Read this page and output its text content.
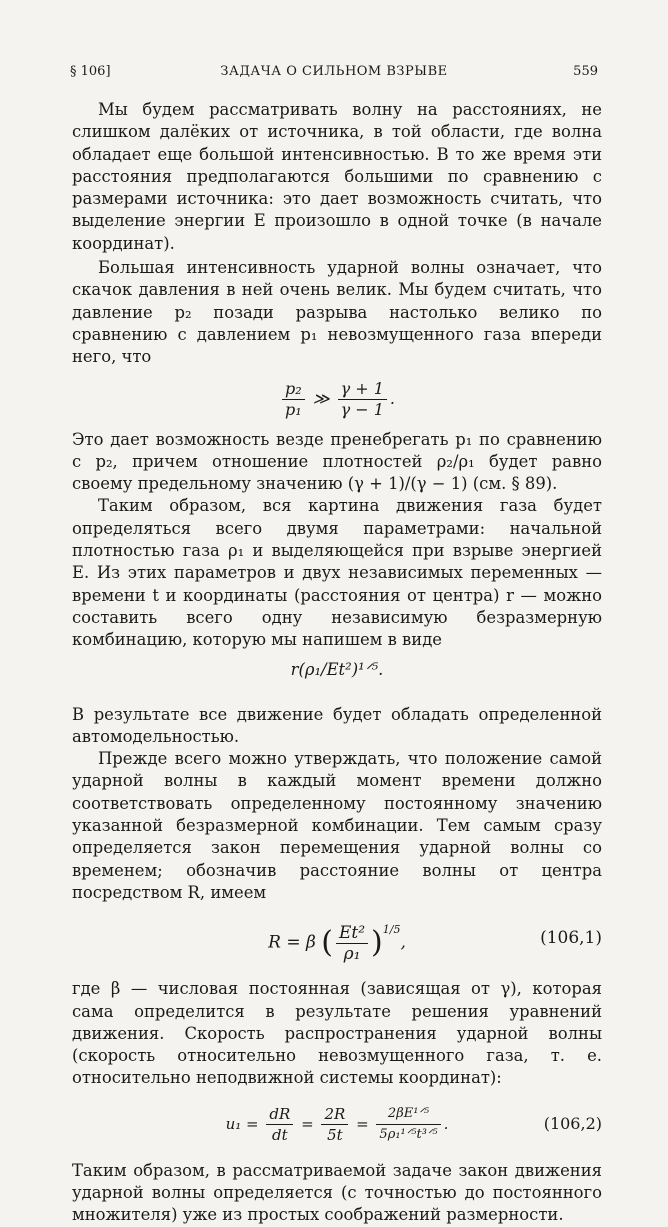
§ 106]	ЗАДАЧА О СИЛЬНОМ ВЗРЫВЕ	559

Мы будем рассматривать волну на расстояниях, не слишком далёких от источника, в той области, где волна обладает еще большой интенсивностью. В то же время эти расстояния предполагаются большими по сравнению с размерами источника: это дает возможность считать, что выделение энергии E произошло в одной точке (в начале координат).

Большая интенсивность ударной волны означает, что скачок давления в ней очень велик. Мы будем считать, что давление p₂ позади разрыва настолько велико по сравнению с давлением p₁ невозмущенного газа впереди него, что

$\frac{\text{p₂}}{\text{p₁}}$ ≫ $\frac{\gamma + 1}{\gamma - 1}$ .

Это дает возможность везде пренебрегать p₁ по сравнению с p₂, причем отношение плотностей ρ₂/ρ₁ будет равно своему предельному значению (γ + 1)/(γ − 1) (см. § 89).

Таким образом, вся картина движения газа будет определяться всего двумя параметрами: начальной плотностью газа ρ₁ и выделяющейся при взрыве энергией E. Из этих параметров и двух независимых переменных — времени t и координаты (расстояния от центра) r — можно составить всего одну независимую безразмерную комбинацию, которую мы напишем в виде

r(ρ₁/Et²)¹ᐟ⁵.

В результате все движение будет обладать определенной автомодельностью.

Прежде всего можно утверждать, что положение самой ударной волны в каждый момент времени должно соответствовать определенному постоянному значению указанной безразмерной комбинации. Тем самым сразу определяется закон перемещения ударной волны со временем; обозначив расстояние волны от центра посредством R, имеем

R = β ( $\frac{\text{Et²}}{\text{ρ₁}} )^{1/5}$,	(106,1)

где β — числовая постоянная (зависящая от γ), которая сама определится в результате решения уравнений движения. Скорость распространения ударной волны (скорость относительно невозмущенного газа, т. е. относительно неподвижной системы координат):

$u_1 = \frac{dR}{dt} = \frac{2R}{5t} = \frac{\text{2βE¹ᐟ⁵}}{\text{5ρ₁¹ᐟ⁵t³ᐟ⁵}}$ .	(106,2)

Таким образом, в рассматриваемой задаче закон движения ударной волны определяется (с точностью до постоянного множителя) уже из простых соображений размерности.
